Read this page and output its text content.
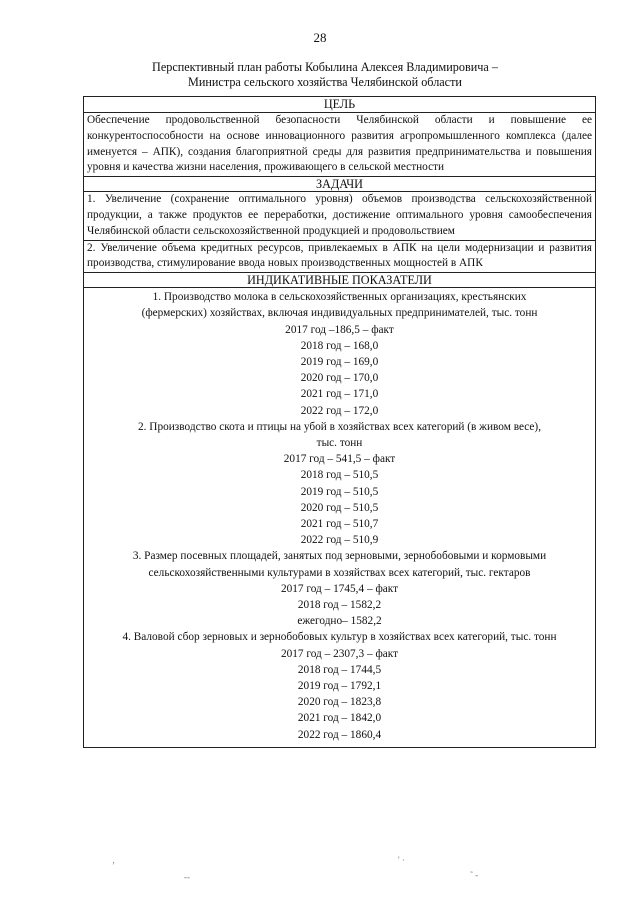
28
Перспективный план работы Кобылина Алексея Владимировича –
Министра сельского хозяйства Челябинской области
ЦЕЛЬ
Обеспечение продовольственной безопасности Челябинской области и повышение ее конкурентоспособности на основе инновационного развития агропромышленного комплекса (далее именуется – АПК), создания благоприятной среды для развития предпринимательства и повышения уровня и качества жизни населения, проживающего в сельской местности
ЗАДАЧИ
1. Увеличение (сохранение оптимального уровня) объемов производства сельскохозяйственной продукции, а также продуктов ее переработки, достижение оптимального уровня самообеспечения Челябинской области сельскохозяйственной продукцией и продовольствием
2. Увеличение объема кредитных ресурсов, привлекаемых в АПК на цели модернизации и развития производства, стимулирование ввода новых производственных мощностей в АПК
ИНДИКАТИВНЫЕ ПОКАЗАТЕЛИ
1. Производство молока в сельскохозяйственных организациях, крестьянских
(фермерских) хозяйствах, включая индивидуальных предпринимателей, тыс. тонн
2017 год –186,5 – факт
2018 год – 168,0
2019 год – 169,0
2020 год – 170,0
2021 год – 171,0
2022 год – 172,0
2. Производство скота и птицы на убой в хозяйствах всех категорий (в живом весе),
тыс. тонн
2017 год – 541,5 – факт
2018 год – 510,5
2019 год – 510,5
2020 год – 510,5
2021 год – 510,7
2022 год – 510,9
3. Размер посевных площадей, занятых под зерновыми, зернобобовыми и кормовыми
сельскохозяйственными культурами в хозяйствах всех категорий, тыс. гектаров
2017 год – 1745,4 – факт
2018 год – 1582,2
ежегодно– 1582,2
4. Валовой сбор зерновых и зернобобовых культур в хозяйствах всех категорий, тыс. тонн
2017 год – 2307,3 – факт
2018 год – 1744,5
2019 год – 1792,1
2020 год – 1823,8
2021 год – 1842,0
2022 год – 1860,4
‚
‐‐
' ·
˜ ‐
